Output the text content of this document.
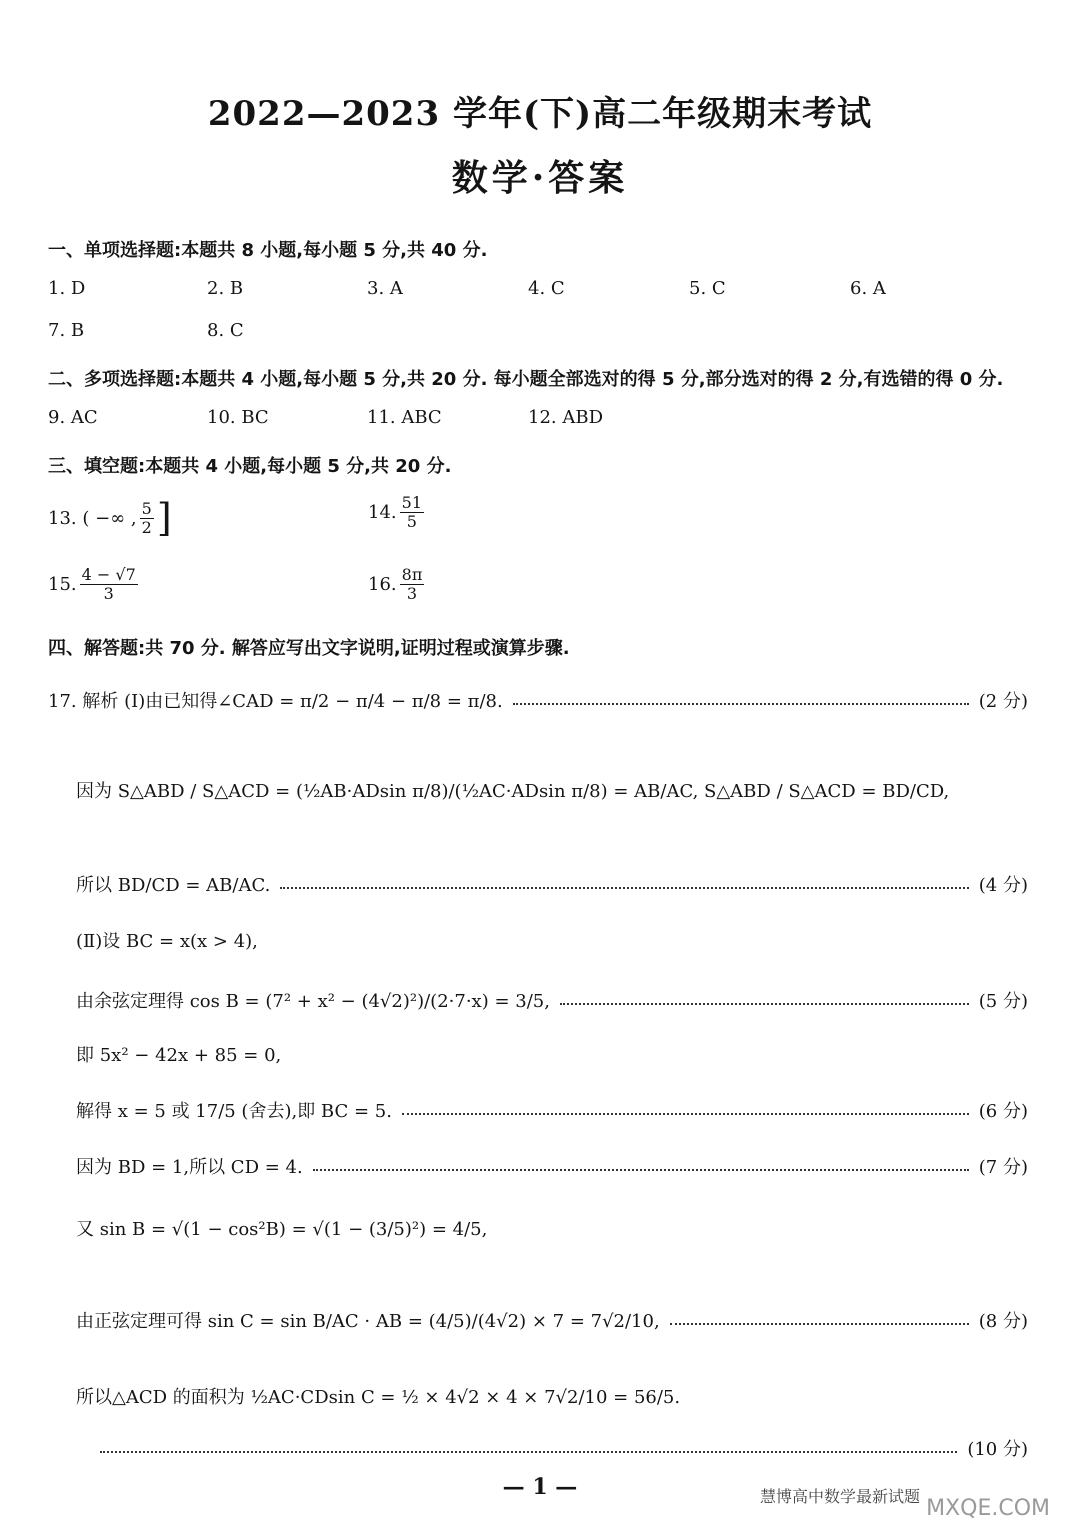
2022—2023 学年(下)高二年级期末考试
数学·答案
一、单项选择题:本题共 8 小题,每小题 5 分,共 40 分.
1. D	2. B	3. A	4. C	5. C	6. A
7. B	8. C
二、多项选择题:本题共 4 小题,每小题 5 分,共 20 分. 每小题全部选对的得 5 分,部分选对的得 2 分,有选错的得 0 分.
9. AC	10. BC	11. ABC	12. ABD
三、填空题:本题共 4 小题,每小题 5 分,共 20 分.
13.
( −∞ , $\frac{5}{2}$ ]	14. $\frac{51}{5}$
15. $\frac{4 - √7}{3}$	16. $\frac{8\pi}{3}$
四、解答题:共 70 分. 解答应写出文字说明,证明过程或演算步骤.
17. 解析 (Ⅰ)由已知得∠CAD = π/2 − π/4 − π/8 = π/8.	(2 分)
因为 S△ABD / S△ACD = (½AB·ADsin π/8)/(½AC·ADsin π/8) = AB/AC, S△ABD / S△ACD = BD/CD,
所以 BD/CD = AB/AC.	(4 分)
(Ⅱ)设 BC = x(x > 4),
由余弦定理得 cos B = (7² + x² − (4√2)²)/(2·7·x) = 3/5,	(5 分)
即 5x² − 42x + 85 = 0,
解得 x = 5 或 17/5 (舍去),即 BC = 5.	(6 分)
因为 BD = 1,所以 CD = 4.	(7 分)
又 sin B = √(1 − cos²B) = √(1 − (3/5)²) = 4/5,
由正弦定理可得 sin C = sin B/AC · AB = (4/5)/(4√2) × 7 = 7√2/10,	(8 分)
所以△ACD 的面积为 ½AC·CDsin C = ½ × 4√2 × 4 × 7√2/10 = 56/5.
(10 分)
— 1 —	慧博高中数学最新试题 MXQE.COM
